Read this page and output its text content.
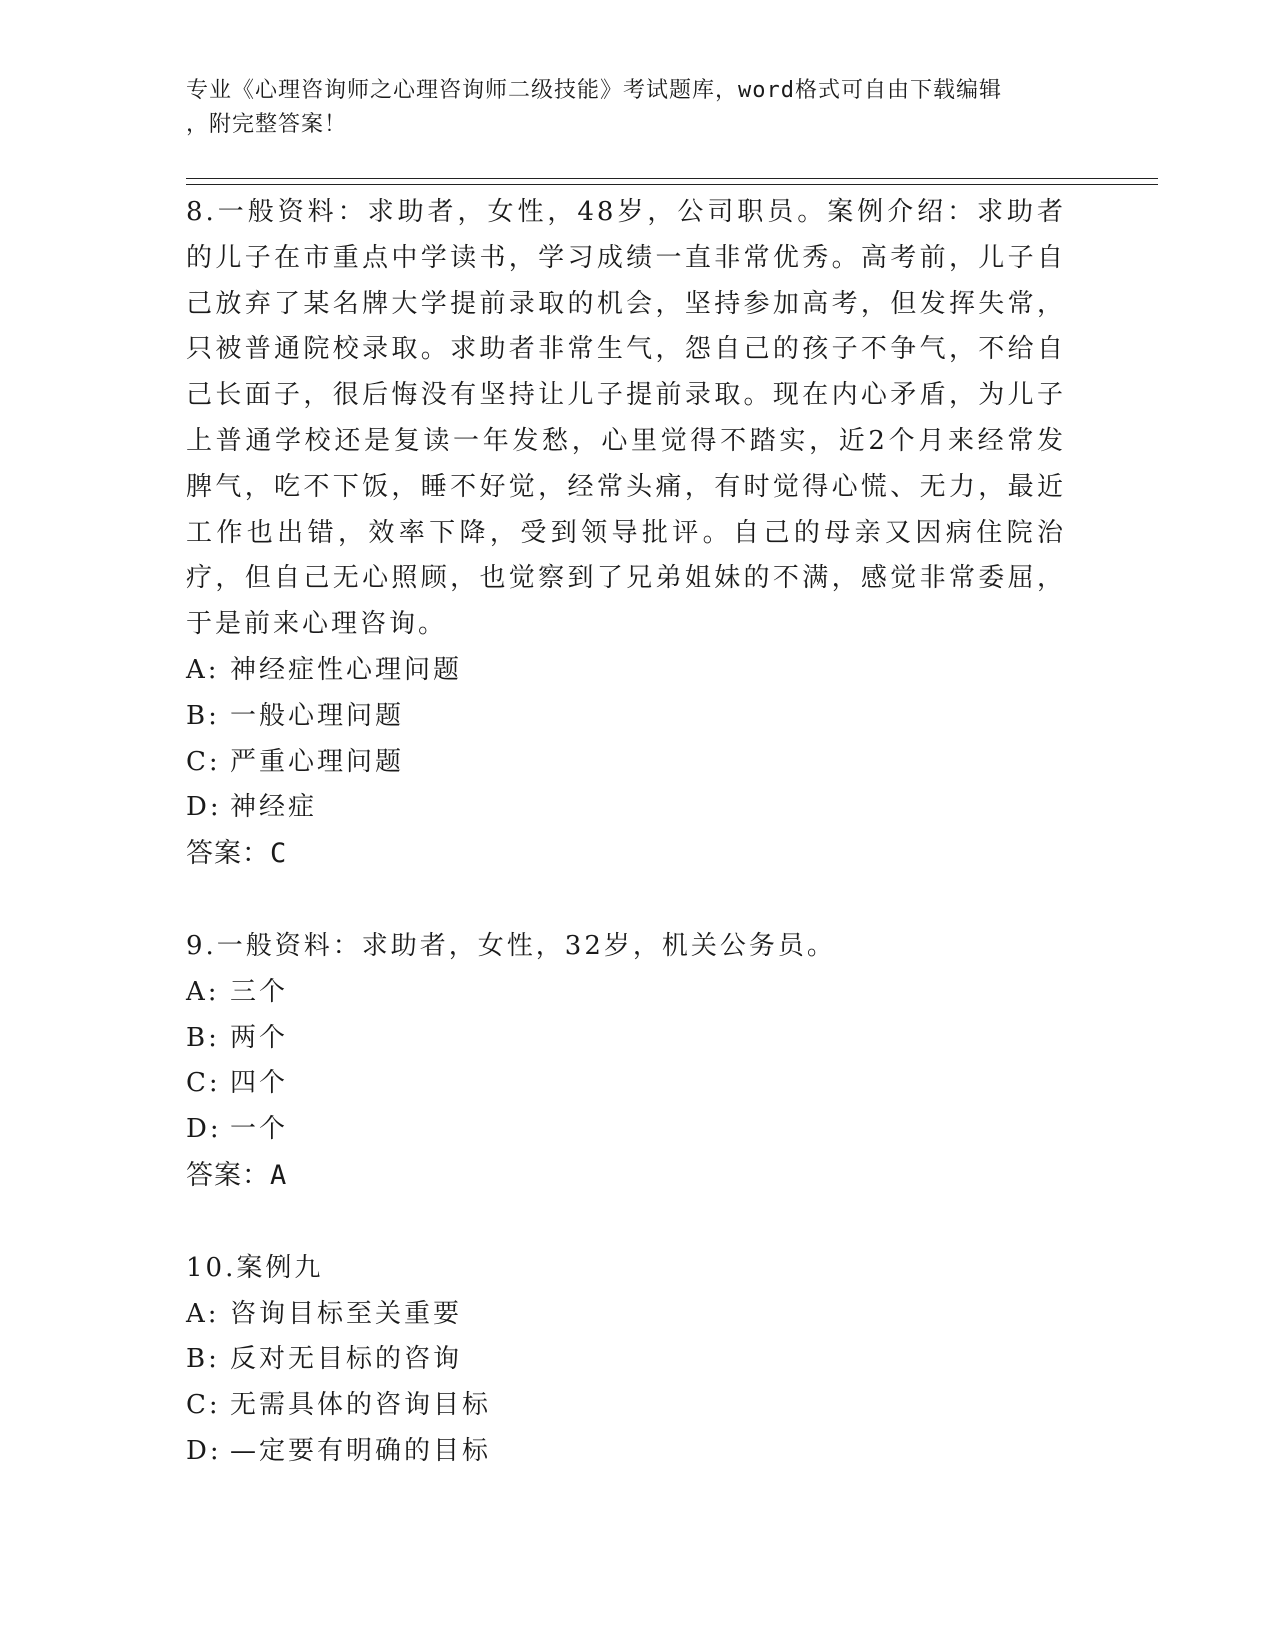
专业《心理咨询师之心理咨询师二级技能》考试题库，word格式可自由下载编辑
，附完整答案！

8.一般资料：求助者，女性，48岁，公司职员。案例介绍：求助者的儿子在市重点中学读书，学习成绩一直非常优秀。高考前，儿子自己放弃了某名牌大学提前录取的机会，坚持参加高考，但发挥失常，只被普通院校录取。求助者非常生气，怨自己的孩子不争气，不给自己长面子，很后悔没有坚持让儿子提前录取。现在内心矛盾，为儿子上普通学校还是复读一年发愁，心里觉得不踏实，近2个月来经常发脾气，吃不下饭，睡不好觉，经常头痛，有时觉得心慌、无力，最近工作也出错，效率下降，受到领导批评。自己的母亲又因病住院治疗，但自己无心照顾，也觉察到了兄弟姐妹的不满，感觉非常委屈，于是前来心理咨询。

A: 神经症性心理问题
B: 一般心理问题
C: 严重心理问题
D: 神经症
答案：C

9.一般资料：求助者，女性，32岁，机关公务员。

A: 三个
B: 两个
C: 四个
D: 一个
答案：A

10.案例九

A: 咨询目标至关重要
B: 反对无目标的咨询
C: 无需具体的咨询目标
D: —定要有明确的目标
